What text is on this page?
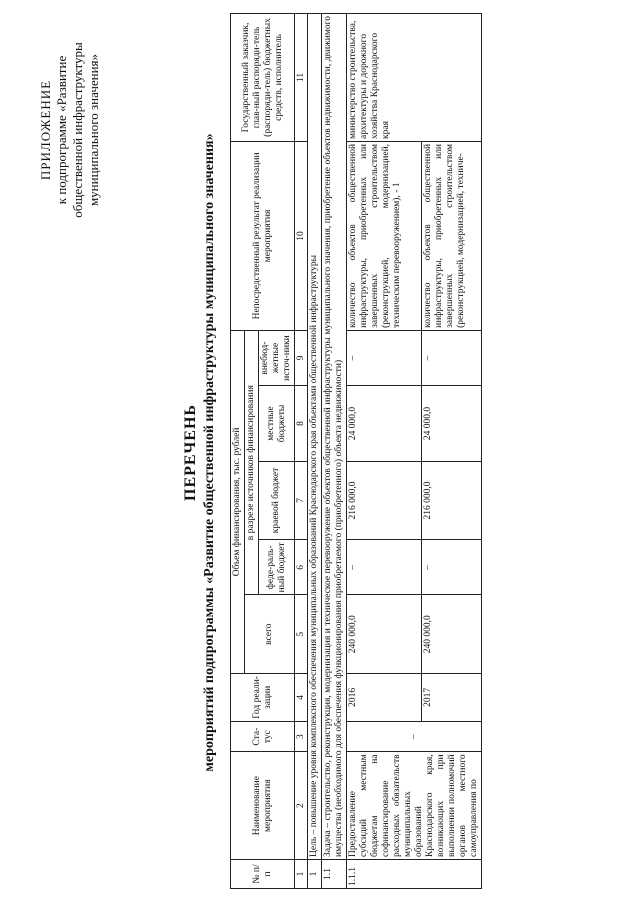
ПРИЛОЖЕНИЕ к подпрограмме «Развитие общественной инфраструктуры муниципального значения»
ПЕРЕЧЕНЬ мероприятий подпрограммы «Развитие общественной инфраструктуры муниципального значения»
№ п/п	Наименование мероприятия	Ста-тус	Год реали-зации	Объем финансирования, тыс. рублей					Непосредственный результат реализации мероприятия	Государственный заказчик, глав-ный распоряди-тель (распоряди-тель) бюджетных средств, исполнитель
				всего	в разрезе источников финансирования					
					феде-раль-ный бюджет	краевой бюджет	местные бюджеты	внебюд-жетные источ-ники		
1	2	3	4	5	6	7	8	9	10	11
1	Цель – повышение уровня комплексного обеспечения муниципальных образований Краснодарского края объектами общественной инфраструктуры									
1.1	Задача – строительство, реконструкция, модернизация и техническое перевооружение объектов общественной инфраструктуры муниципального значения, приобретение объектов недвижимости, движимого имущества (необходимого для обеспечения функционирования приобретаемого (приобретенного) объекта недвижимости)									
1.1.1	Предоставление субсидий местным бюджетам на софинансирование расходных обязательств муниципальных образований Краснодарского края, возникающих при выполнении полномочий органов местного самоуправления по	–	2016	240 000,0	–	216 000,0	24 000,0	–	количество объектов общественной инфраструктуры, приобретенных или завершенных строительством (реконструкцией, модернизацией, техническим перевооружением), - 1	министерство строительства, архитектуры и дорожного хозяйства Краснодарского края
			2017	240 000,0	–	216 000,0	24 000,0	–	количество объектов общественной инфраструктуры, приобретенных или завершенных строительством (реконструкцией, модернизацией, техниче-	
